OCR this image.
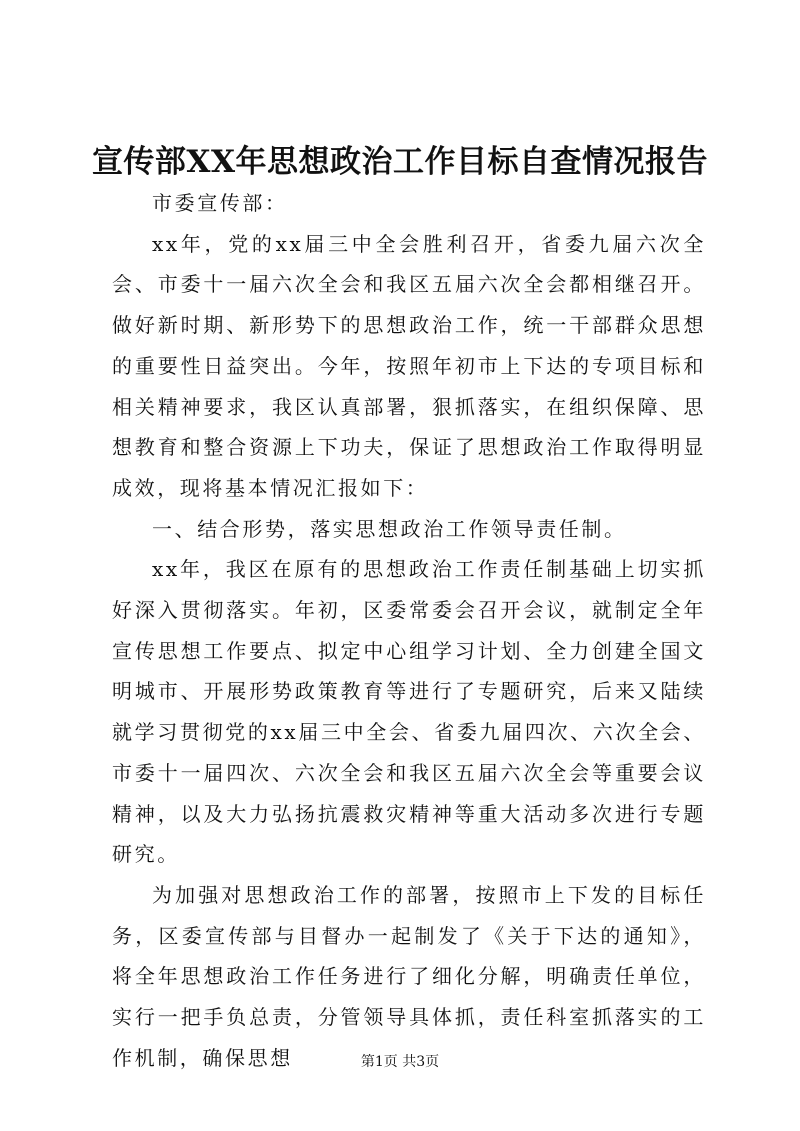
宣传部XX年思想政治工作目标自查情况报告

市委宣传部：

xx年，党的xx届三中全会胜利召开，省委九届六次全会、市委十一届六次全会和我区五届六次全会都相继召开。做好新时期、新形势下的思想政治工作，统一干部群众思想的重要性日益突出。今年，按照年初市上下达的专项目标和相关精神要求，我区认真部署，狠抓落实，在组织保障、思想教育和整合资源上下功夫，保证了思想政治工作取得明显成效，现将基本情况汇报如下：

一、结合形势，落实思想政治工作领导责任制。

xx年，我区在原有的思想政治工作责任制基础上切实抓好深入贯彻落实。年初，区委常委会召开会议，就制定全年宣传思想工作要点、拟定中心组学习计划、全力创建全国文明城市、开展形势政策教育等进行了专题研究，后来又陆续就学习贯彻党的xx届三中全会、省委九届四次、六次全会、市委十一届四次、六次全会和我区五届六次全会等重要会议精神，以及大力弘扬抗震救灾精神等重大活动多次进行专题研究。

为加强对思想政治工作的部署，按照市上下发的目标任务，区委宣传部与目督办一起制发了《关于下达的通知》，将全年思想政治工作任务进行了细化分解，明确责任单位，实行一把手负总责，分管领导具体抓，责任科室抓落实的工作机制，确保思想	第1页 共3页
